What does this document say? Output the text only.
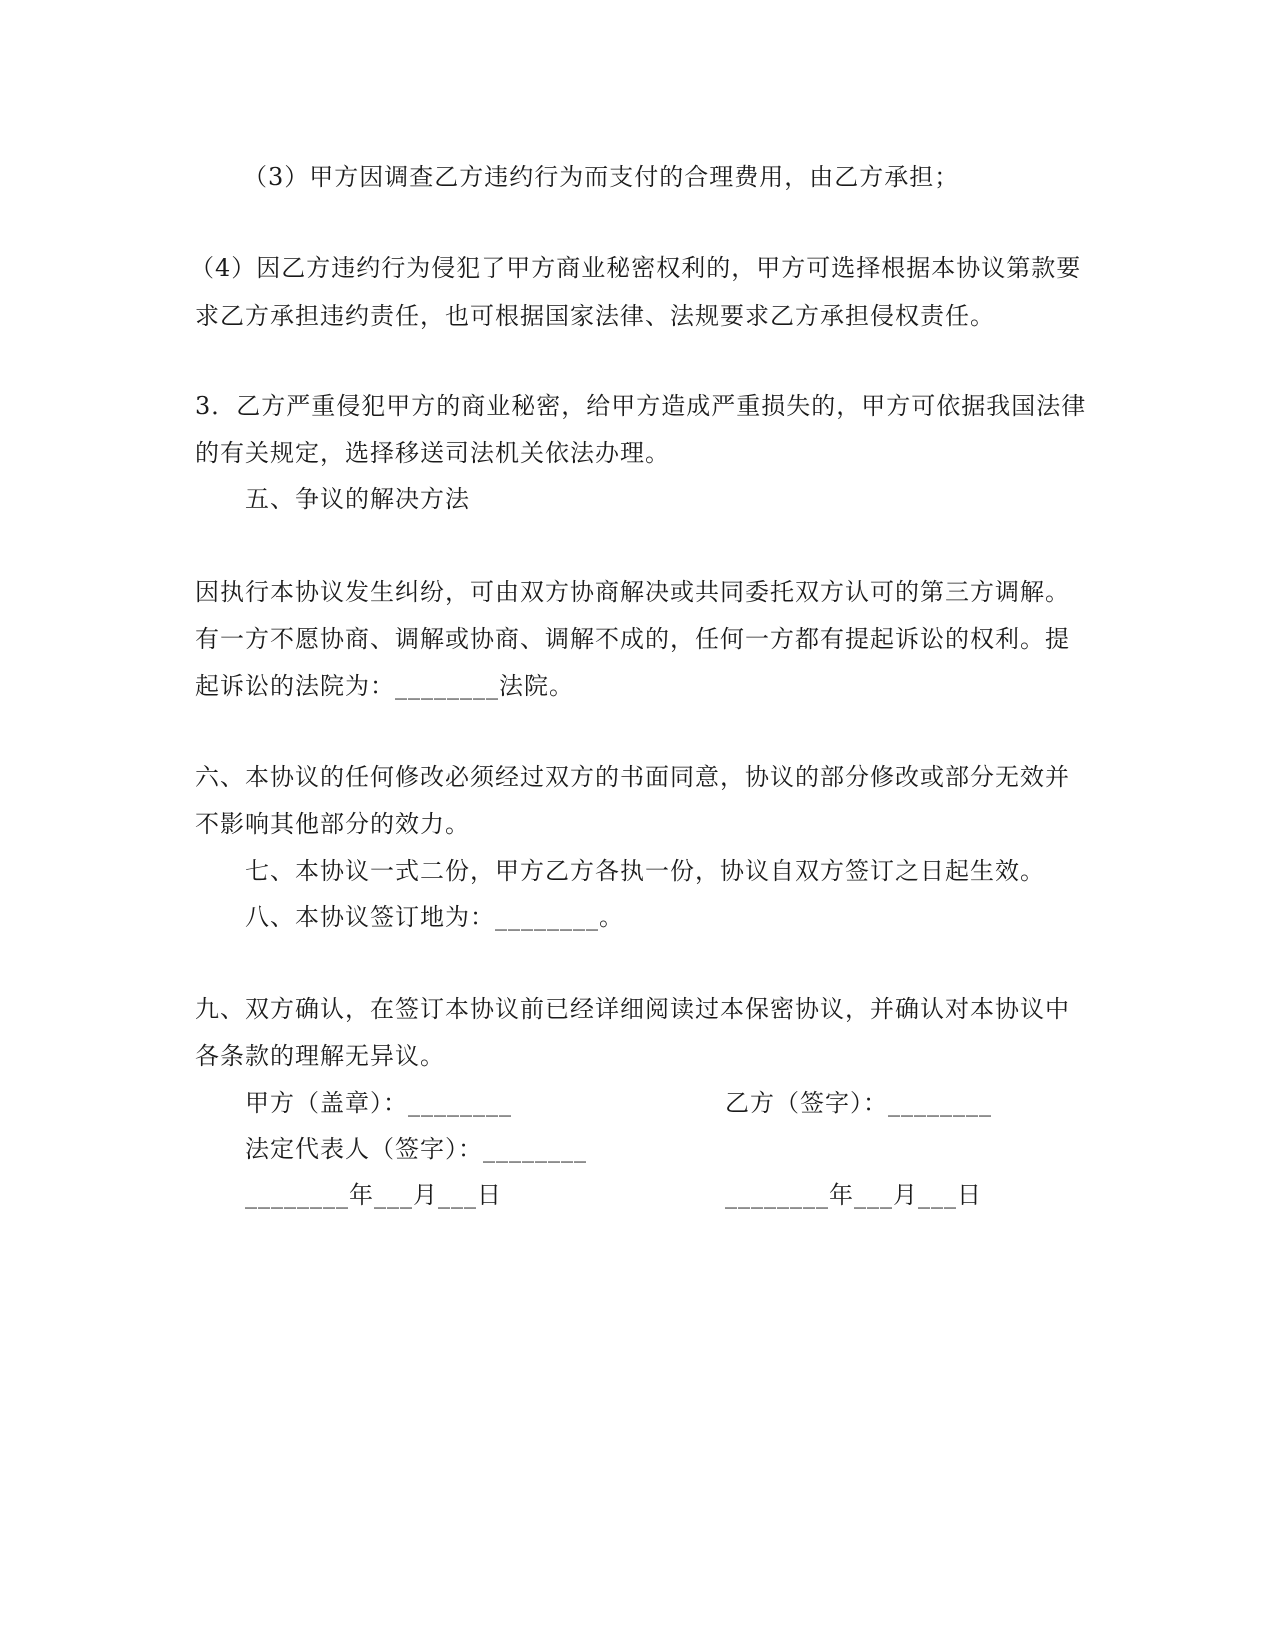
（3）甲方因调查乙方违约行为而支付的合理费用，由乙方承担；
（4）因乙方违约行为侵犯了甲方商业秘密权利的，甲方可选择根据本协议第款要
求乙方承担违约责任，也可根据国家法律、法规要求乙方承担侵权责任。
3．乙方严重侵犯甲方的商业秘密，给甲方造成严重损失的，甲方可依据我国法律
的有关规定，选择移送司法机关依法办理。
五、争议的解决方法
因执行本协议发生纠纷，可由双方协商解决或共同委托双方认可的第三方调解。
有一方不愿协商、调解或协商、调解不成的，任何一方都有提起诉讼的权利。提
起诉讼的法院为：________法院。
六、本协议的任何修改必须经过双方的书面同意，协议的部分修改或部分无效并
不影响其他部分的效力。
七、本协议一式二份，甲方乙方各执一份，协议自双方签订之日起生效。
八、本协议签订地为：________。
九、双方确认，在签订本协议前已经详细阅读过本保密协议，并确认对本协议中
各条款的理解无异议。
甲方（盖章）：________	乙方（签字）：________
法定代表人（签字）：________
________年___月___日	________年___月___日
